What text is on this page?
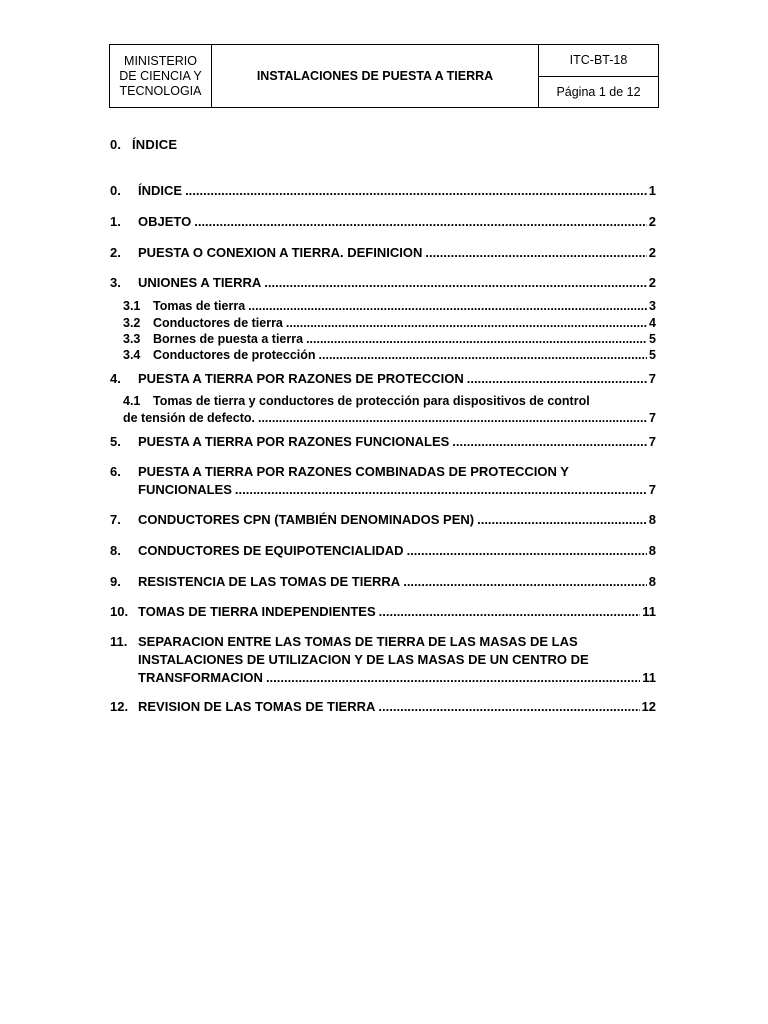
MINISTERIO
DE CIENCIA Y
TECNOLOGIA
INSTALACIONES DE PUESTA A TIERRA
ITC-BT-18
Página 1 de 12
0. ÍNDICE
0.	ÍNDICE .....	1
1.	OBJETO .....	2
2.	PUESTA O CONEXION A TIERRA. DEFINICION .....	2
3.	UNIONES A TIERRA .....	2
3.1	Tomas de tierra .....	3
3.2	Conductores de tierra .....	4
3.3	Bornes de puesta a tierra .....	5
3.4	Conductores de protección .....	5
4.	PUESTA A TIERRA POR RAZONES DE PROTECCION .....	7
4.1	Tomas de tierra y conductores de protección para dispositivos de control
de tensión de defecto. .....	7
5.	PUESTA A TIERRA POR RAZONES FUNCIONALES .....	7
6.	PUESTA A TIERRA POR RAZONES COMBINADAS DE PROTECCION Y
FUNCIONALES .....	7
7.	CONDUCTORES CPN (TAMBIÉN DENOMINADOS PEN) .....	8
8.	CONDUCTORES DE EQUIPOTENCIALIDAD .....	8
9.	RESISTENCIA DE LAS TOMAS DE TIERRA .....	8
10. TOMAS DE TIERRA INDEPENDIENTES .....	11
11. SEPARACION ENTRE LAS TOMAS DE TIERRA DE LAS MASAS DE LAS
INSTALACIONES DE UTILIZACION Y DE LAS MASAS DE UN CENTRO DE
TRANSFORMACION .....	11
12. REVISION DE LAS TOMAS DE TIERRA .....	12
